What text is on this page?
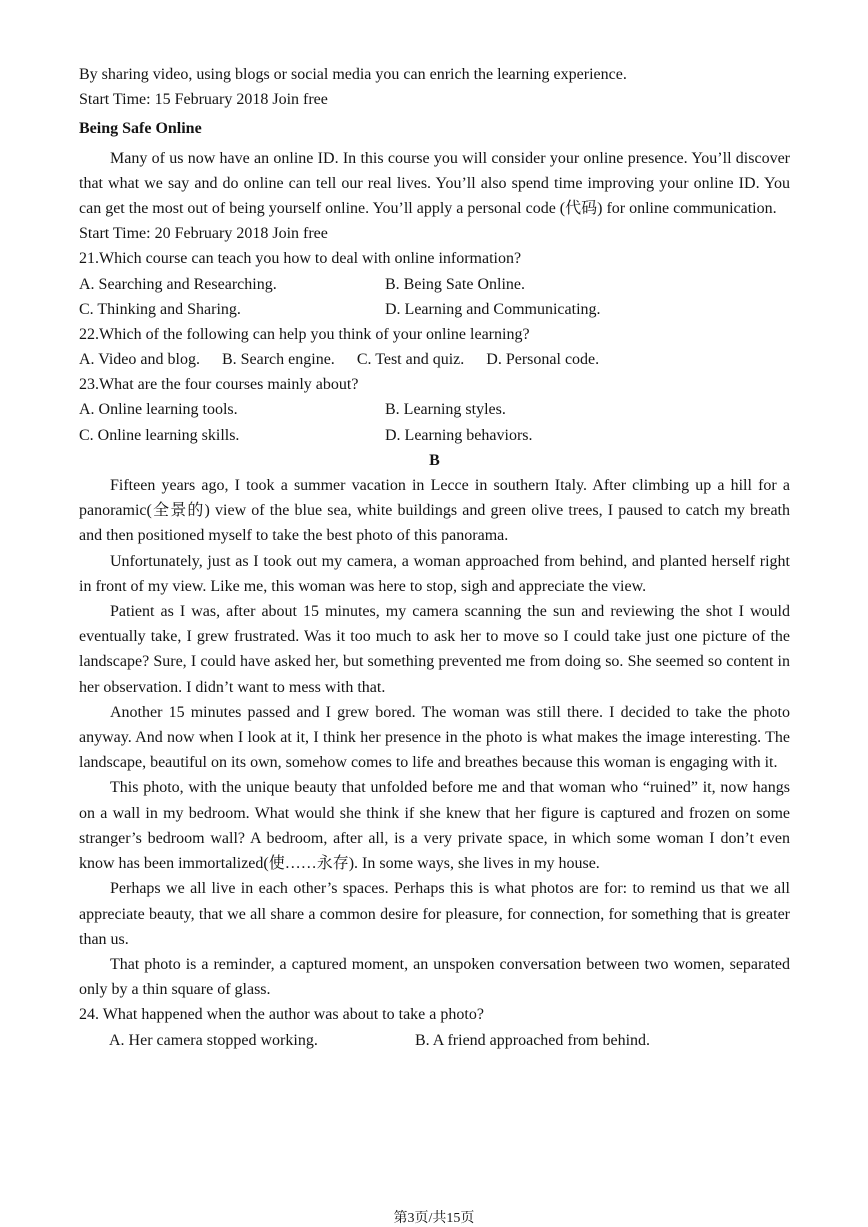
By sharing video, using blogs or social media you can enrich the learning experience.
Start Time: 15 February 2018 Join free
Being Safe Online
Many of us now have an online ID. In this course you will consider your online presence. You’ll discover that what we say and do online can tell our real lives. You’ll also spend time improving your online ID. You can get the most out of being yourself online. You’ll apply a personal code (代码) for online communication.
Start Time: 20 February 2018 Join free
21.Which course can teach you how to deal with online information?
A. Searching and Researching.	B. Being Sate Online.
C. Thinking and Sharing.	D. Learning and Communicating.
22.Which of the following can help you think of your online learning?
A. Video and blog. B. Search engine. C. Test and quiz. D. Personal code.
23.What are the four courses mainly about?
A. Online learning tools.	B. Learning styles.
C. Online learning skills.	D. Learning behaviors.
B
Fifteen years ago, I took a summer vacation in Lecce in southern Italy. After climbing up a hill for a panoramic(全景的) view of the blue sea, white buildings and green olive trees, I paused to catch my breath and then positioned myself to take the best photo of this panorama.
Unfortunately, just as I took out my camera, a woman approached from behind, and planted herself right in front of my view. Like me, this woman was here to stop, sigh and appreciate the view.
Patient as I was, after about 15 minutes, my camera scanning the sun and reviewing the shot I would eventually take, I grew frustrated. Was it too much to ask her to move so I could take just one picture of the landscape? Sure, I could have asked her, but something prevented me from doing so. She seemed so content in her observation. I didn’t want to mess with that.
Another 15 minutes passed and I grew bored. The woman was still there. I decided to take the photo anyway. And now when I look at it, I think her presence in the photo is what makes the image interesting. The landscape, beautiful on its own, somehow comes to life and breathes because this woman is engaging with it.
This photo, with the unique beauty that unfolded before me and that woman who “ruined” it, now hangs on a wall in my bedroom. What would she think if she knew that her figure is captured and frozen on some stranger’s bedroom wall? A bedroom, after all, is a very private space, in which some woman I don’t even know has been immortalized(使……永存). In some ways, she lives in my house.
Perhaps we all live in each other’s spaces. Perhaps this is what photos are for: to remind us that we all appreciate beauty, that we all share a common desire for pleasure, for connection, for something that is greater than us.
That photo is a reminder, a captured moment, an unspoken conversation between two women, separated only by a thin square of glass.
24. What happened when the author was about to take a photo?
A. Her camera stopped working.	B. A friend approached from behind.
第3页/共15页
